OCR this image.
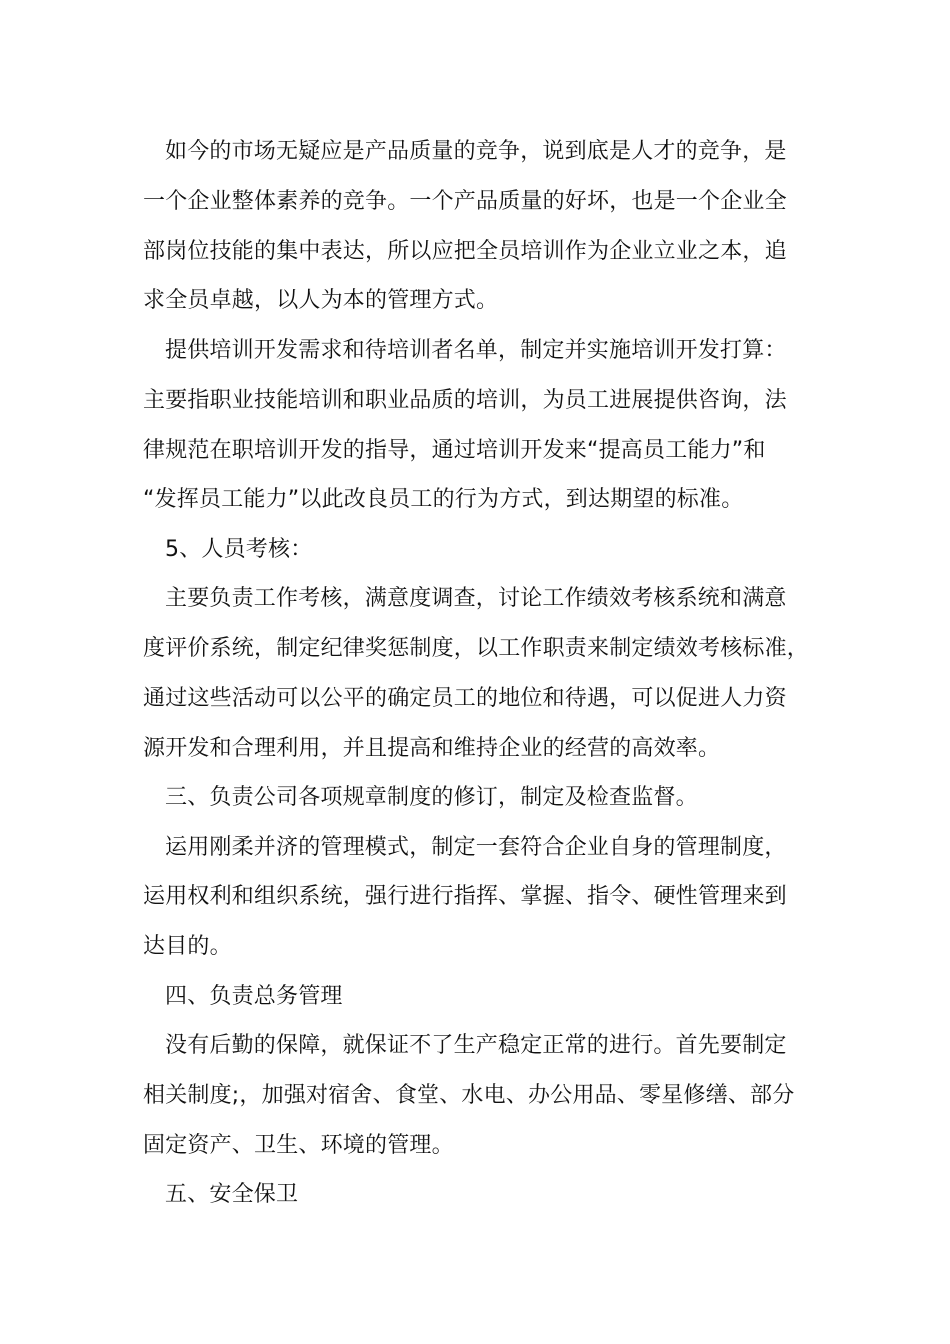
如今的市场无疑应是产品质量的竞争，说到底是人才的竞争，是
一个企业整体素养的竞争。一个产品质量的好坏，也是一个企业全
部岗位技能的集中表达，所以应把全员培训作为企业立业之本，追
求全员卓越，以人为本的管理方式。
提供培训开发需求和待培训者名单，制定并实施培训开发打算：
主要指职业技能培训和职业品质的培训，为员工进展提供咨询，法
律规范在职培训开发的指导，通过培训开发来“提高员工能力”和
“发挥员工能力”以此改良员工的行为方式，到达期望的标准。
5、人员考核：
主要负责工作考核，满意度调查，讨论工作绩效考核系统和满意
度评价系统，制定纪律奖惩制度，以工作职责来制定绩效考核标准，
通过这些活动可以公平的确定员工的地位和待遇，可以促进人力资
源开发和合理利用，并且提高和维持企业的经营的高效率。
三、负责公司各项规章制度的修订，制定及检查监督。
运用刚柔并济的管理模式，制定一套符合企业自身的管理制度，
运用权利和组织系统，强行进行指挥、掌握、指令、硬性管理来到
达目的。
四、负责总务管理
没有后勤的保障，就保证不了生产稳定正常的进行。首先要制定
相关制度;，加强对宿舍、食堂、水电、办公用品、零星修缮、部分
固定资产、卫生、环境的管理。
五、安全保卫
